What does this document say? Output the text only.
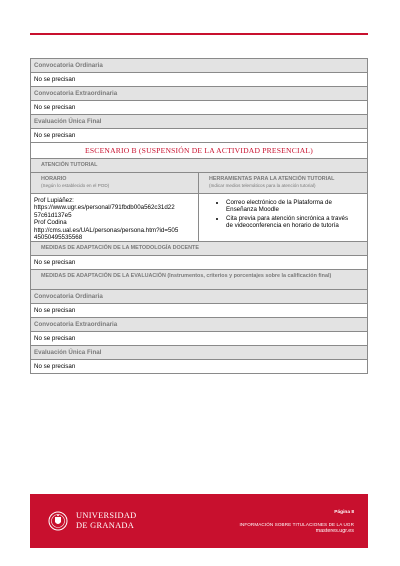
Convocatoria Ordinaria
No se precisan
Convocatoria Extraordinaria
No se precisan
Evaluación Única Final
No se precisan
ESCENARIO B (SUSPENSIÓN DE LA ACTIVIDAD PRESENCIAL)
ATENCIÓN TUTORIAL
HORARIO
(Según lo establecido en el POD)
Prof Lupiáñez:
https://www.ugr.es/personal/791fbdb00a562c31d22
57c61d137e5
Prof Codina
http://cms.ual.es/UAL/personas/persona.htm?id=505
45050495535568
HERRAMIENTAS PARA LA ATENCIÓN TUTORIAL
(Indicar medios telemáticos para la atención tutorial)
• Correo electrónico de la Plataforma de
Enseñanza Moodle
• Cita previa para atención sincrónica a través
de videoconferencia en horario de tutoría
MEDIDAS DE ADAPTACIÓN DE LA METODOLOGÍA DOCENTE
No se precisan
MEDIDAS DE ADAPTACIÓN DE LA EVALUACIÓN (Instrumentos, criterios y porcentajes sobre la calificación final)
Convocatoria Ordinaria
No se precisan
Convocatoria Extraordinaria
No se precisan
Evaluación Única Final
No se precisan
UNIVERSIDAD
DE GRANADA
Página 8
INFORMACIÓN SOBRE TITULACIONES DE LA UGR
masteres.ugr.es
